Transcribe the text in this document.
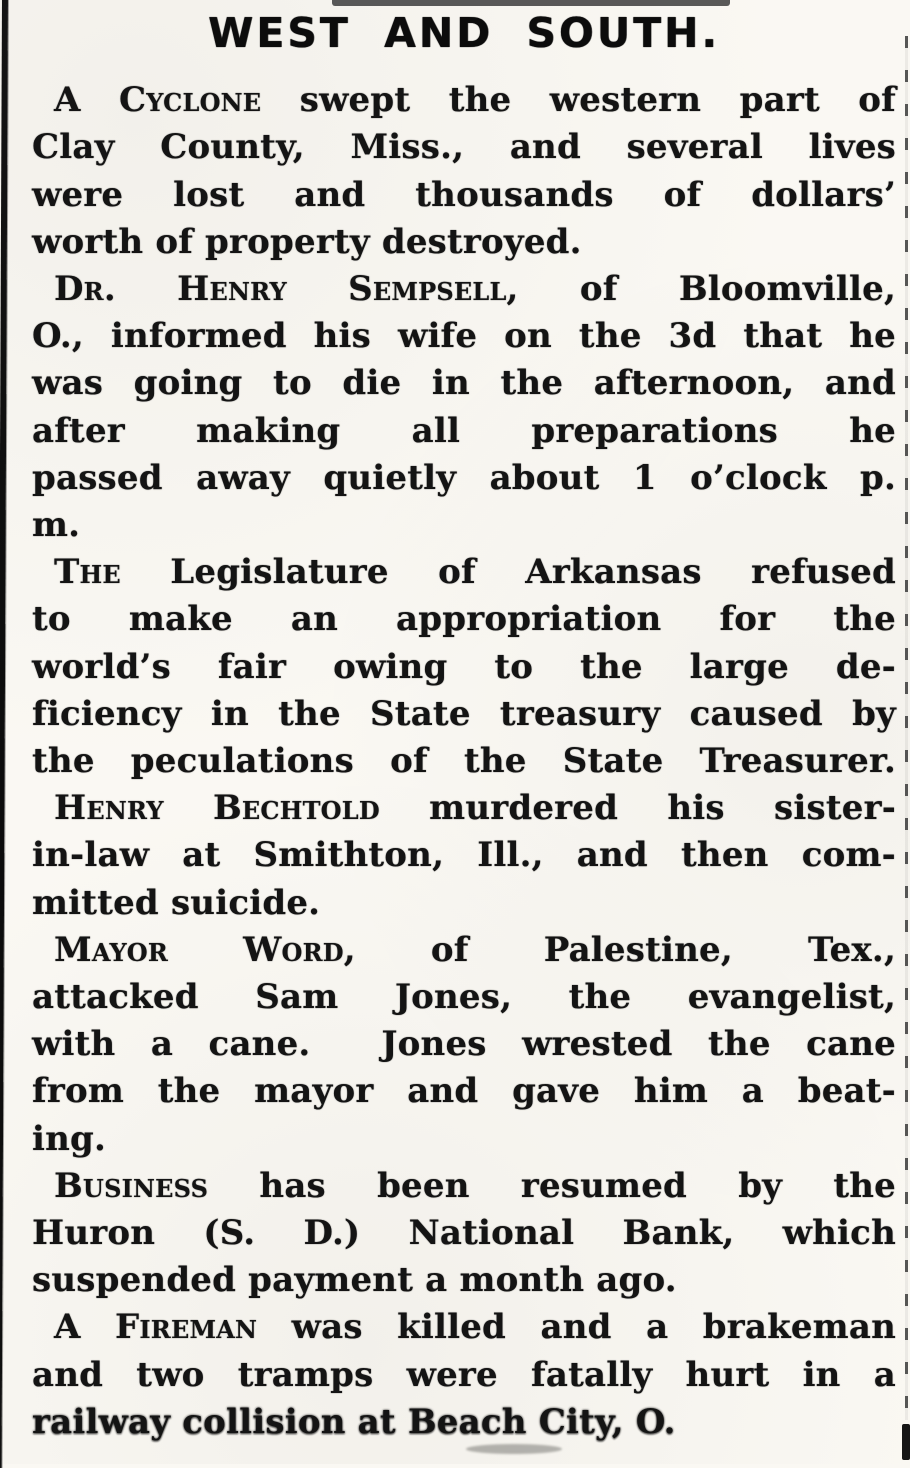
WEST AND SOUTH.
A Cyclone swept the western part of
Clay County, Miss., and several lives
were lost and thousands of dollars’
worth of property destroyed.
Dr. Henry Sempsell, of Bloomville,
O., informed his wife on the 3d that he
was going to die in the afternoon, and
after making all preparations he
passed away quietly about 1 o’clock p.
m.
The Legislature of Arkansas refused
to make an appropriation for the
world’s fair owing to the large de-
ficiency in the State treasury caused by
the peculations of the State Treasurer.
Henry Bechtold murdered his sister-
in-law at Smithton, Ill., and then com-
mitted suicide.
Mayor Word, of Palestine, Tex.,
attacked Sam Jones, the evangelist,
with a cane.  Jones wrested the cane
from the mayor and gave him a beat-
ing.
Business has been resumed by the
Huron (S. D.) National Bank, which
suspended payment a month ago.
A Fireman was killed and a brakeman
and two tramps were fatally hurt in a
railway collision at Beach City, O.
